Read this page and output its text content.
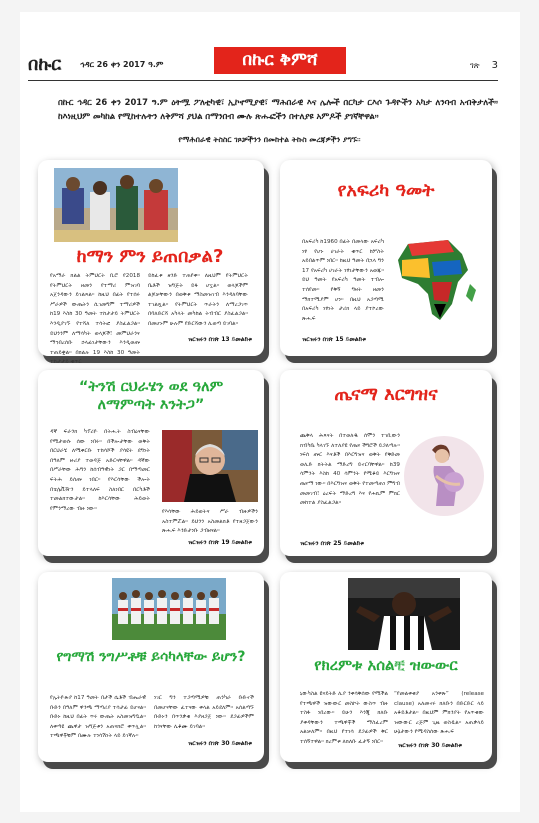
በኩር ኅዳር 26 ቀን 2017 ዓ.ም	በኩር ቅምሻ	ገጽ 3
በኩር ኅዳር 26 ቀን 2017 ዓ.ም ዕትሟ ፖለቲካዊ፣ ኢኮኖሚያዊ፣ ማሕበራዊ እና ሌሎች በርካታ ርእሶ ጉዳዮችን አካታ ለንባብ አብቅታለች። ከእነዚህም መካከል የሚከተሉትን ለቅምሻ ያህል በማንበብ ሙሉ ጽሑፎችን በተለያዩ አምዶች ያገኛቸዋል።
የማሕበራዊ ትስስር ገጾቻችንን በመከተል ትኩስ መረጃዎችን ያግኙ።
ከማን ምን ይጠበቃል?
የአማራ ክልል ትምህርት ቢሮ የ2018 የትምህርት ዘመን የተማሪ ምዝገባ አጀንዳውን ይገልጻል። ከዚህ በፊት የተሰሩ ሥራዎች ውጤትን ሲገመግም ተማሪዎች ከ19 እስከ 30 ዓመት ተከታታይ ትምህርት እንዲያገኙ የተሻለ ተሳትፎ ያስፈልጋል። ይህንንም ለማሳካት ወላጆች፣ መምህራንና ማኅበረሰቡ ኃላፊነታቸውን እንዲወጡ ተጠይቋል። በክልሉ 19 እስከ 30 ዓመት ተከታታይ ቁጥር
ይከፈቱ ዘንድ ተጠየቀ። ለዚህም የትምህርት ቤቶች ዝግጅት ይፋ ሆኗል። ወላጆችም ልጆቻቸውን በወቅቱ ማስመዝገብ እንዳለባቸው ተገልጿል። የትምህርት ጥራትን ለማረጋገጥ በባለድርሻ አካላት መካከል ትብብር ያስፈልጋል። በመሆኑም ሁሉም የድርሻውን ሊወጣ ይገባል።
ዝርዝሩን በገጽ 13 ይመልከቱ
የአፍሪካ ዓመት
በአፍሪካ ከ1960 በፊት በመላው አፍሪካ ነፃ የሆኑ ሀገራት ቁጥር ከሦስት አይበልጥም ነበር። ከዚህ ዓመት በኋላ ግን 17 የአፍሪካ ሀገራት ነፃነታቸውን አወጁ። ይህ ዓመት የአፍሪካ ዓመት ተብሎ ተሰየመ። የቅኝ ግዛት ዘመን ማክተሚያም ሆነ። በዚህ አጋጣሚ በአፍሪካ ነፃነት ታሪክ ላይ ያተኮረው ጽሑፍ
ዝርዝሩን በገጽ 15 ይመልከቱ
“ትንሽ ርህራሄን ወደ ዓለም ለማምጣት እንትጋ”
ዳኛ ፍራንክ ካፕሪዮ በትሑት ስብዕናቸው የሚታወሱ ሰው ነበሩ። በችሎታቸው ወቅት በርህራሄ ለሚቀርቡ ተከሳሾች ያሳዩት ደግነት በዓለም ዙሪያ ተወዳጅ አድርጓቸዋል። ዳኛው በሥራቸው ሕግን ከሰብዓዊነት ጋር በማጣመር ፍትሕ ይሰጡ ነበር። የእርሳቸው ችሎት በቴሌቪዥን ይተላለፍ ስለነበር በርካቶች ተመልክተውታል። ከእርሳቸው ሕይወት የምንማረው ብዙ ነው።
የእሳቸው ሕይወትና ሥራ ብዙዎችን አስተምሯል። ይህንን አስመልክቶ የተዘጋጀውን ጽሑፍ እንድታነቡ ጋብዘናል።
ዝርዝሩን በገጽ 19 ይመልከቱ
ጤናማ እርግዝና
ጨቅላ ሕጻናት በተወለዱ ሰሞን ተገቢውን ክብካቤ ካላገኙ ለተለያዩ የጤና ችግሮች ይጋለጣሉ። ነፍሰ ጡር እናቶች በእርግዝና ወቅት የቅድመ ወሊድ ክትትል ማድረግ ይኖርባቸዋል። ከ39 ሳምንት እስከ 40 ሳምንት የሚቆይ እርግዝና ጤናማ ነው። በእርግዝና ወቅት የተመጣጠነ ምግብ መመገብ፣ ዕረፍት ማድረግ እና የሐኪም ምክር መከተል ያስፈልጋል።
ዝርዝሩን በገጽ 25 ይመልከቱ
የግማሽ ንግሥቶቹ ይሳካላቸው ይሆን?
የኢትዮጵያ ከ17 ዓመት በታች ሴቶች ብሔራዊ ቡድን በዓለም ዋንጫ ማጣሪያ ተሳታፊ ይሆናል። ቡድኑ ከዚህ በፊት ጥሩ ውጤት አስመዝግቧል። ለቀጣዩ ጨዋታ ዝግጅቱን አጠናክሮ ቀጥሏል። ተጫዋቾቹም በሙሉ ተነሳሽነት ላይ ይገኛሉ።
ነገር ግን ተጋጣሚዎቹ ጠንካራ ቡድኖች በመሆናቸው ፈተናው ቀላል አይደለም። አሰልጣኙ ቡድኑን በጥንቃቄ እያዘጋጀ ነው። ደጋፊዎችም ከጎናቸው ሊቆሙ ይገባል።
ዝርዝሩን በገጽ 30 ይመልከቱ
የክረምቱ አሰልቺ ዝውውር
ኒውካስል ዩናይትድ ሊያ ንቀሳቅሰው የሚችል የተጫዋች ዝውውር መስኮት ውስጥ ብዙ ተስፋ ነበረው። ይሁን እንጂ ክለቡ ያቀዳቸውን ተጫዋቾች ማስፈረም አልቻለም። በዚህ የተነሳ ደጋፊዎች ቅር ተሰኝተዋል። ክረምቱ ለክለቡ ፈታኝ ነበር።
“የመልቀቂያ አንቀጽ” (release clause) አለመኖሩ ክለቡን በድርድር ላይ አቆይቶታል። በዚህም ምክንያት የአጥቂው ዝውውር ረጅም ጊዜ ወስዷል። አጠቃላይ ሁኔታውን የሚዳስሰው ጽሑፍ
ዝርዝሩን በገጽ 30 ይመልከቱ
